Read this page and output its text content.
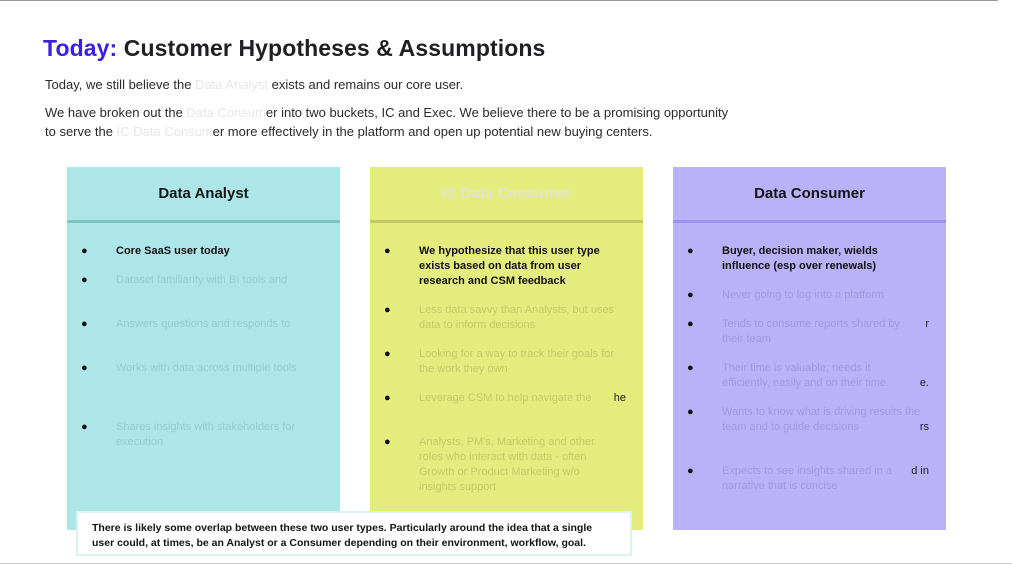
Today: Customer Hypotheses & Assumptions
Today, we still believe the Data Analyst exists and remains our core user.
We have broken out the Data Consumer into two buckets, IC and Exec. We believe there to be a promising opportunity
to serve the IC Data Consumer more effectively in the platform and open up potential new buying centers.
Data Analyst
●	Core SaaS user today
●	Dataset familiarity with BI tools and
●	Answers questions and responds to
●	Works with data across multiple tools
●	Shares insights with stakeholders for execution
IC Data Consumer
●	We hypothesize that this user type exists based on data from user research and CSM feedback
●	Less data savvy than Analysts, but uses data to inform decisions
●	Looking for a way to track their goals for the work they own
●	Leverage CSM to help navigate the	he
●	Analysts, PM's, Marketing and other roles who interact with data - often Growth or Product Marketing w/o insights support
Data Consumer
●	Buyer, decision maker, wields influence (esp over renewals)
●	Never going to log into a platform
●	Tends to consume reports shared by their team
r
●	Their time is valuable; needs it efficiently, easily and on their time.	e.
●	Wants to know what is driving results the team and to guide decisions	rs
●	Expects to see insights shared in a narrative that is concise
d in
There is likely some overlap between these two user types. Particularly around the idea that a single user could, at times, be an Analyst or a Consumer depending on their environment, workflow, goal.
